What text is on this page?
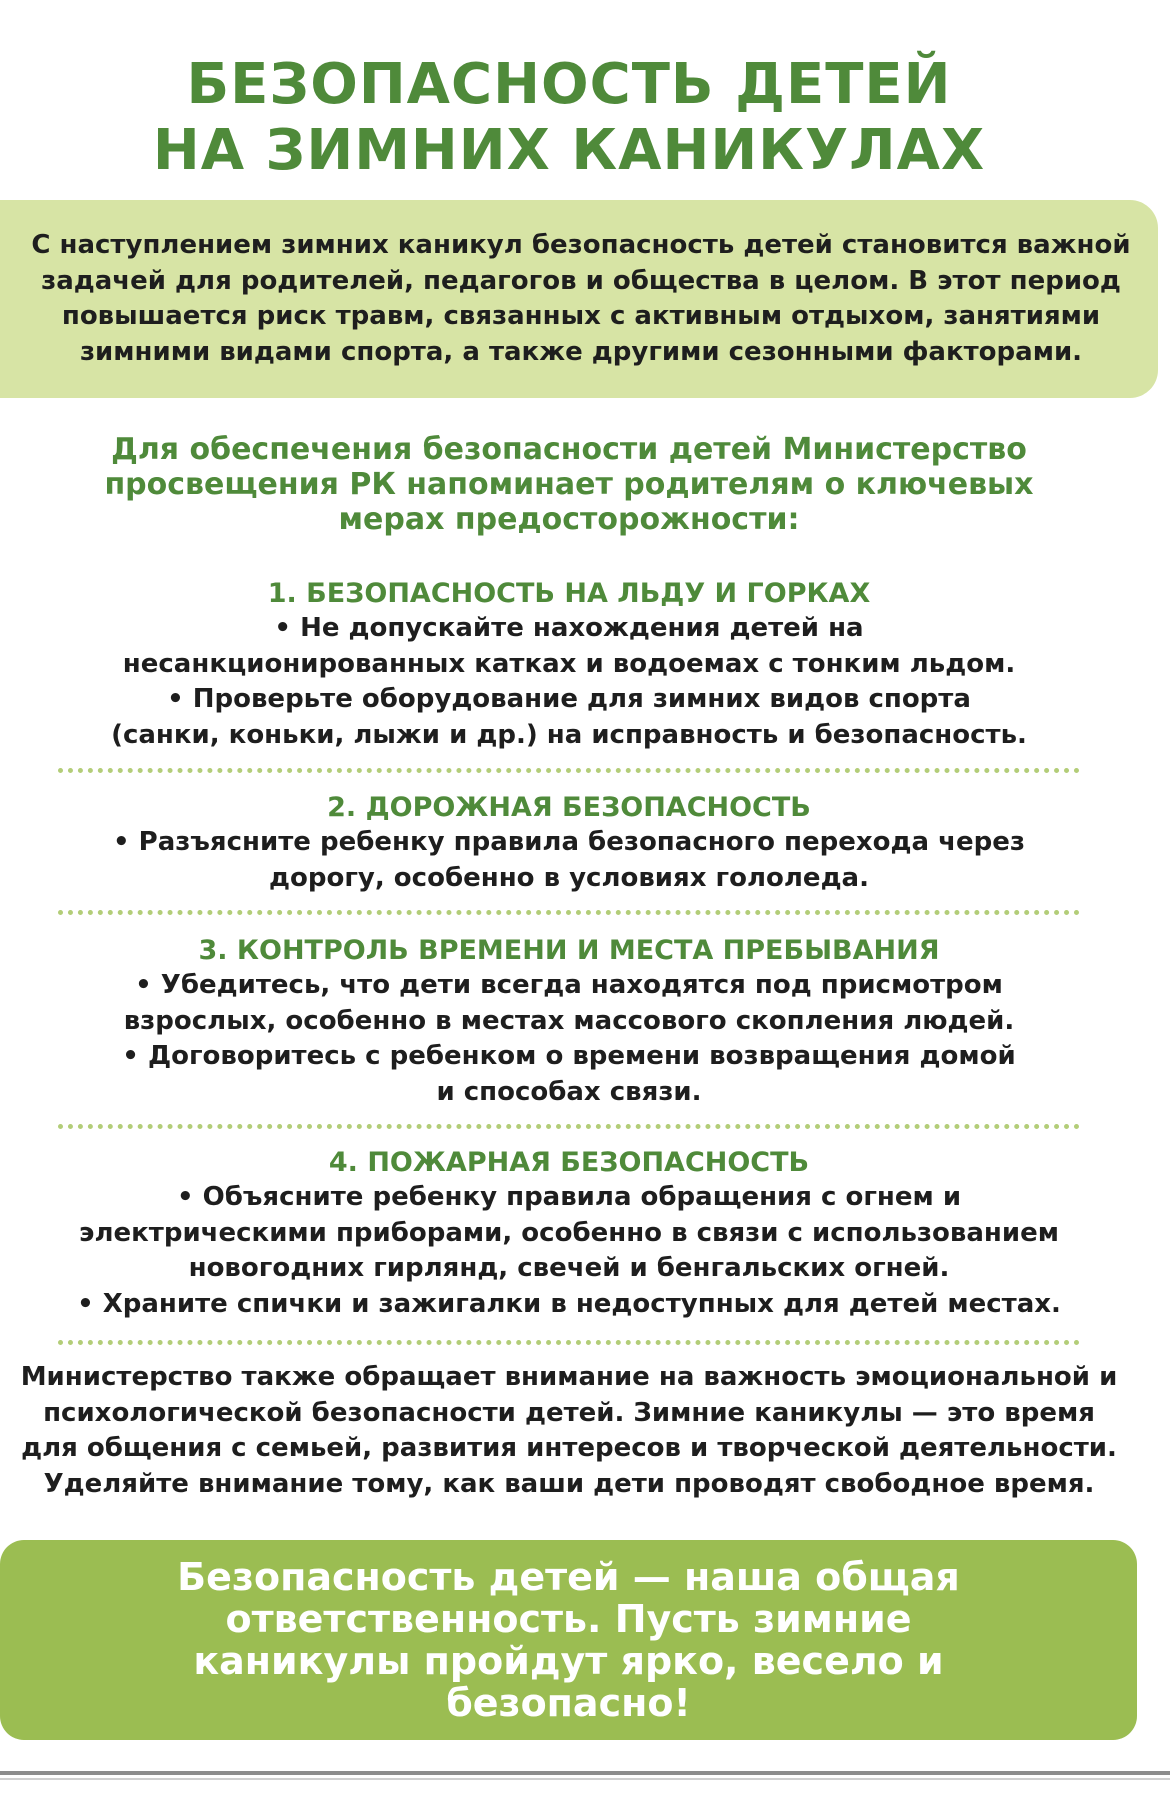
БЕЗОПАСНОСТЬ ДЕТЕЙ НА ЗИМНИХ КАНИКУЛАХ

С наступлением зимних каникул безопасность детей становится важной задачей для родителей, педагогов и общества в целом. В этот период повышается риск травм, связанных с активным отдыхом, занятиями зимними видами спорта, а также другими сезонными факторами.

Для обеспечения безопасности детей Министерство просвещения РК напоминает родителям о ключевых мерах предосторожности:

1. БЕЗОПАСНОСТЬ НА ЛЬДУ И ГОРКАХ

• Не допускайте нахождения детей на несанкционированных катках и водоемах с тонким льдом.

• Проверьте оборудование для зимних видов спорта (санки, коньки, лыжи и др.) на исправность и безопасность.

2. ДОРОЖНАЯ БЕЗОПАСНОСТЬ

• Разъясните ребенку правила безопасного перехода через дорогу, особенно в условиях гололеда.

3. КОНТРОЛЬ ВРЕМЕНИ И МЕСТА ПРЕБЫВАНИЯ

• Убедитесь, что дети всегда находятся под присмотром взрослых, особенно в местах массового скопления людей.

• Договоритесь с ребенком о времени возвращения домой и способах связи.

4. ПОЖАРНАЯ БЕЗОПАСНОСТЬ

• Объясните ребенку правила обращения с огнем и электрическими приборами, особенно в связи с использованием новогодних гирлянд, свечей и бенгальских огней.

• Храните спички и зажигалки в недоступных для детей местах.

Министерство также обращает внимание на важность эмоциональной и психологической безопасности детей. Зимние каникулы — это время для общения с семьей, развития интересов и творческой деятельности. Уделяйте внимание тому, как ваши дети проводят свободное время.

Безопасность детей — наша общая ответственность. Пусть зимние каникулы пройдут ярко, весело и безопасно!
